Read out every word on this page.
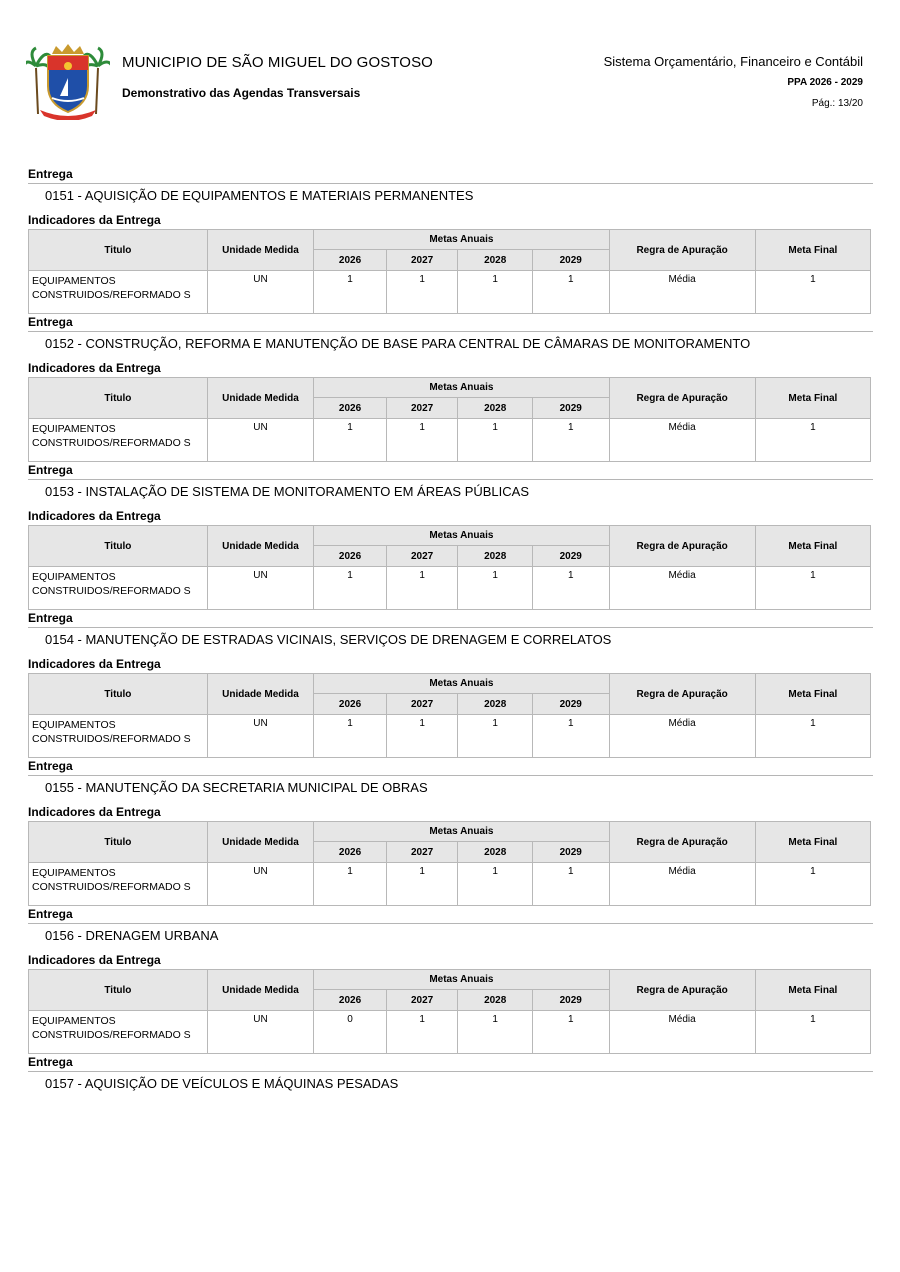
MUNICIPIO DE SÃO MIGUEL DO GOSTOSO
Demonstrativo das Agendas Transversais
Sistema Orçamentário, Financeiro e Contábil
PPA 2026 - 2029
Pág.: 13/20
Entrega
0151 - AQUISIÇÃO DE EQUIPAMENTOS E MATERIAIS PERMANENTES
Indicadores da Entrega
Titulo	Unidade Medida	Metas Anuais				Regra de Apuração	Meta Final
		2026	2027	2028	2029		
EQUIPAMENTOS CONSTRUIDOS/REFORMADO S	UN	1	1	1	1	Média	1
Entrega
0152 - CONSTRUÇÃO, REFORMA E MANUTENÇÃO DE BASE PARA CENTRAL DE CÂMARAS DE MONITORAMENTO
Indicadores da Entrega
Titulo	Unidade Medida	Metas Anuais				Regra de Apuração	Meta Final
		2026	2027	2028	2029		
EQUIPAMENTOS CONSTRUIDOS/REFORMADO S	UN	1	1	1	1	Média	1
Entrega
0153 - INSTALAÇÃO DE SISTEMA DE MONITORAMENTO EM ÁREAS PÚBLICAS
Indicadores da Entrega
Titulo	Unidade Medida	Metas Anuais				Regra de Apuração	Meta Final
		2026	2027	2028	2029		
EQUIPAMENTOS CONSTRUIDOS/REFORMADO S	UN	1	1	1	1	Média	1
Entrega
0154 - MANUTENÇÃO DE ESTRADAS VICINAIS, SERVIÇOS DE DRENAGEM E CORRELATOS
Indicadores da Entrega
Titulo	Unidade Medida	Metas Anuais				Regra de Apuração	Meta Final
		2026	2027	2028	2029		
EQUIPAMENTOS CONSTRUIDOS/REFORMADO S	UN	1	1	1	1	Média	1
Entrega
0155 - MANUTENÇÃO DA SECRETARIA MUNICIPAL DE OBRAS
Indicadores da Entrega
Titulo	Unidade Medida	Metas Anuais				Regra de Apuração	Meta Final
		2026	2027	2028	2029		
EQUIPAMENTOS CONSTRUIDOS/REFORMADO S	UN	1	1	1	1	Média	1
Entrega
0156 - DRENAGEM URBANA
Indicadores da Entrega
Titulo	Unidade Medida	Metas Anuais				Regra de Apuração	Meta Final
		2026	2027	2028	2029		
EQUIPAMENTOS CONSTRUIDOS/REFORMADO S	UN	0	1	1	1	Média	1
Entrega
0157 - AQUISIÇÃO DE VEÍCULOS E MÁQUINAS PESADAS
